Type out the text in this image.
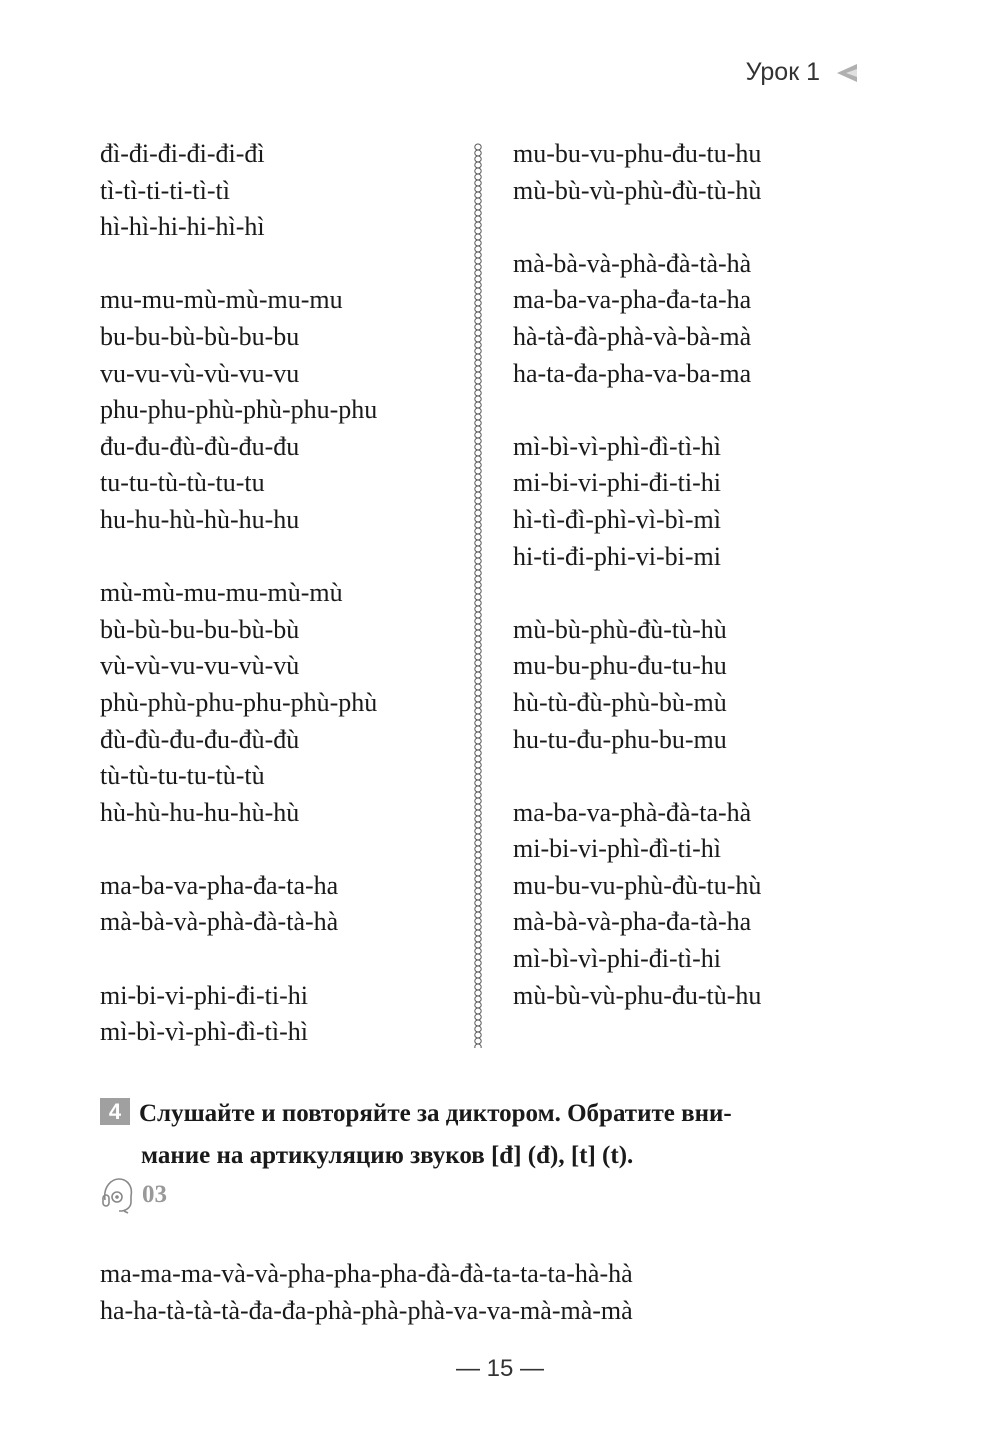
Урок 1
đì-đi-đi-đi-đi-đì
tì-tì-ti-ti-tì-tì
hì-hì-hi-hi-hì-hì
mu-mu-mù-mù-mu-mu
bu-bu-bù-bù-bu-bu
vu-vu-vù-vù-vu-vu
phu-phu-phù-phù-phu-phu
đu-đu-đù-đù-đu-đu
tu-tu-tù-tù-tu-tu
hu-hu-hù-hù-hu-hu
mù-mù-mu-mu-mù-mù
bù-bù-bu-bu-bù-bù
vù-vù-vu-vu-vù-vù
phù-phù-phu-phu-phù-phù
đù-đù-đu-đu-đù-đù
tù-tù-tu-tu-tù-tù
hù-hù-hu-hu-hù-hù
ma-ba-va-pha-đa-ta-ha
mà-bà-và-phà-đà-tà-hà
mi-bi-vi-phi-đi-ti-hi
mì-bì-vì-phì-đì-tì-hì
mu-bu-vu-phu-đu-tu-hu
mù-bù-vù-phù-đù-tù-hù
mà-bà-và-phà-đà-tà-hà
ma-ba-va-pha-đa-ta-ha
hà-tà-đà-phà-và-bà-mà
ha-ta-đa-pha-va-ba-ma
mì-bì-vì-phì-đì-tì-hì
mi-bi-vi-phi-đi-ti-hi
hì-tì-đì-phì-vì-bì-mì
hi-ti-đi-phi-vi-bi-mi
mù-bù-phù-đù-tù-hù
mu-bu-phu-đu-tu-hu
hù-tù-đù-phù-bù-mù
hu-tu-đu-phu-bu-mu
ma-ba-va-phà-đà-ta-hà
mi-bi-vi-phì-đì-ti-hì
mu-bu-vu-phù-đù-tu-hù
mà-bà-và-pha-đa-tà-ha
mì-bì-vì-phi-đi-tì-hi
mù-bù-vù-phu-đu-tù-hu
4 Слушайте и повторяйте за диктором. Обратите вни-
мание на артикуляцию звуков [đ] (đ), [t] (t).
03
ma-ma-ma-và-và-pha-pha-pha-đà-đà-ta-ta-ta-hà-hà
ha-ha-tà-tà-tà-đa-đa-phà-phà-phà-va-va-mà-mà-mà
— 15 —
